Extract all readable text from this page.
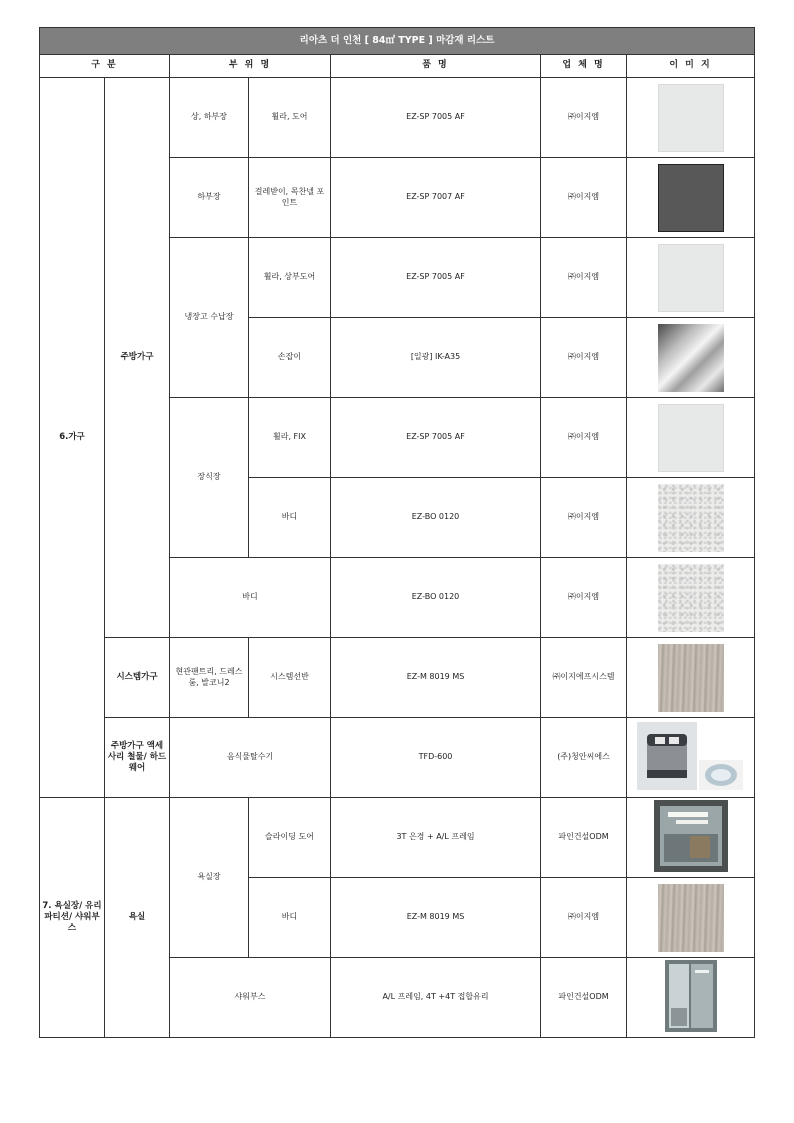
리아츠 더 인천 [ 84㎡ TYPE ] 마감재 리스트						
구 분		부 위 명		품 명	업 체 명	이 미 지
6.가구	주방가구	상, 하부장	휠라, 도어	EZ-SP 7005 AF	㈜이지엠	

		하부장	걸레받이, 목찬넬 포인트	EZ-SP 7007 AF	㈜이지엠	

		냉장고 수납장	휠라, 상부도어	EZ-SP 7005 AF	㈜이지엠	

			손잡이	[일광] IK-A35	㈜이지엠	

		장식장	휠라, FIX	EZ-SP 7005 AF	㈜이지엠	

			바디	EZ-BO 0120	㈜이지엠	

		바디		EZ-BO 0120	㈜이지엠	

	시스템가구	현관팬트리, 드레스룸, 발코니2	시스템선반	EZ-M 8019 MS	㈜이지에프시스템	

	주방가구 액세사리 철물/ 하드웨어	음식물탈수기		TFD-600	(주)청안씨에스	
7. 욕실장/ 유리파티션/ 샤워부스	욕실	욕실장	슬라이딩 도어	3T 은경 + A/L 프레임	파인건설ODM	
			바디	EZ-M 8019 MS	㈜이지엠	

		샤워부스		A/L 프레임, 4T +4T 접합유리	파인건설ODM	
